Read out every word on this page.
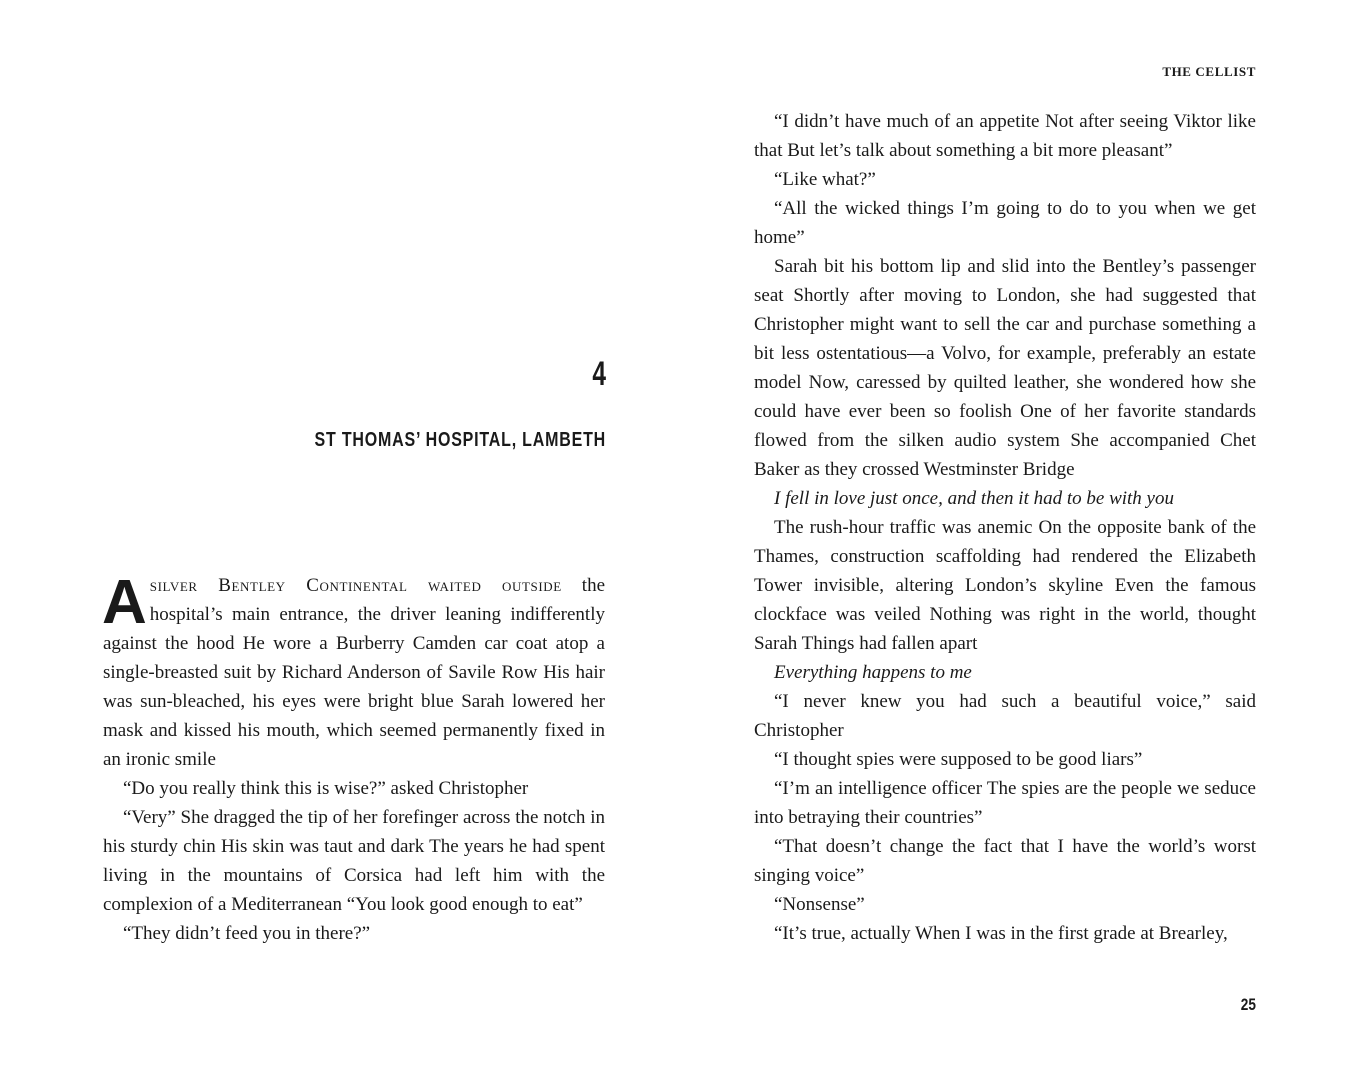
4
ST THOMAS’ HOSPITAL, LAMBETH

Asilver Bentley Continental waited outside the hospital’s main entrance, the driver leaning indifferently against the hood He wore a Burberry Camden car coat atop a single-breasted suit by Richard Anderson of Savile Row His hair was sun-bleached, his eyes were bright blue Sarah lowered her mask and kissed his mouth, which seemed permanently fixed in an ironic smile

“Do you really think this is wise?” asked Christopher

“Very” She dragged the tip of her forefinger across the notch in his sturdy chin His skin was taut and dark The years he had spent living in the mountains of Corsica had left him with the complexion of a Mediterranean “You look good enough to eat”

“They didn’t feed you in there?”

THE CELLIST

“I didn’t have much of an appetite Not after seeing Viktor like that But let’s talk about something a bit more pleasant”

“Like what?”

“All the wicked things I’m going to do to you when we get home”

Sarah bit his bottom lip and slid into the Bentley’s passenger seat Shortly after moving to London, she had suggested that Christopher might want to sell the car and purchase something a bit less ostentatious—a Volvo, for example, preferably an estate model Now, caressed by quilted leather, she wondered how she could have ever been so foolish One of her favorite standards flowed from the silken audio system She accompanied Chet Baker as they crossed Westminster Bridge

I fell in love just once, and then it had to be with you

The rush-hour traffic was anemic On the opposite bank of the Thames, construction scaffolding had rendered the Elizabeth Tower invisible, altering London’s skyline Even the famous clockface was veiled Nothing was right in the world, thought Sarah Things had fallen apart

Everything happens to me

“I never knew you had such a beautiful voice,” said Christopher

“I thought spies were supposed to be good liars”

“I’m an intelligence officer The spies are the people we seduce into betraying their countries”

“That doesn’t change the fact that I have the world’s worst singing voice”

“Nonsense”

“It’s true, actually When I was in the first grade at Brearley,

25
